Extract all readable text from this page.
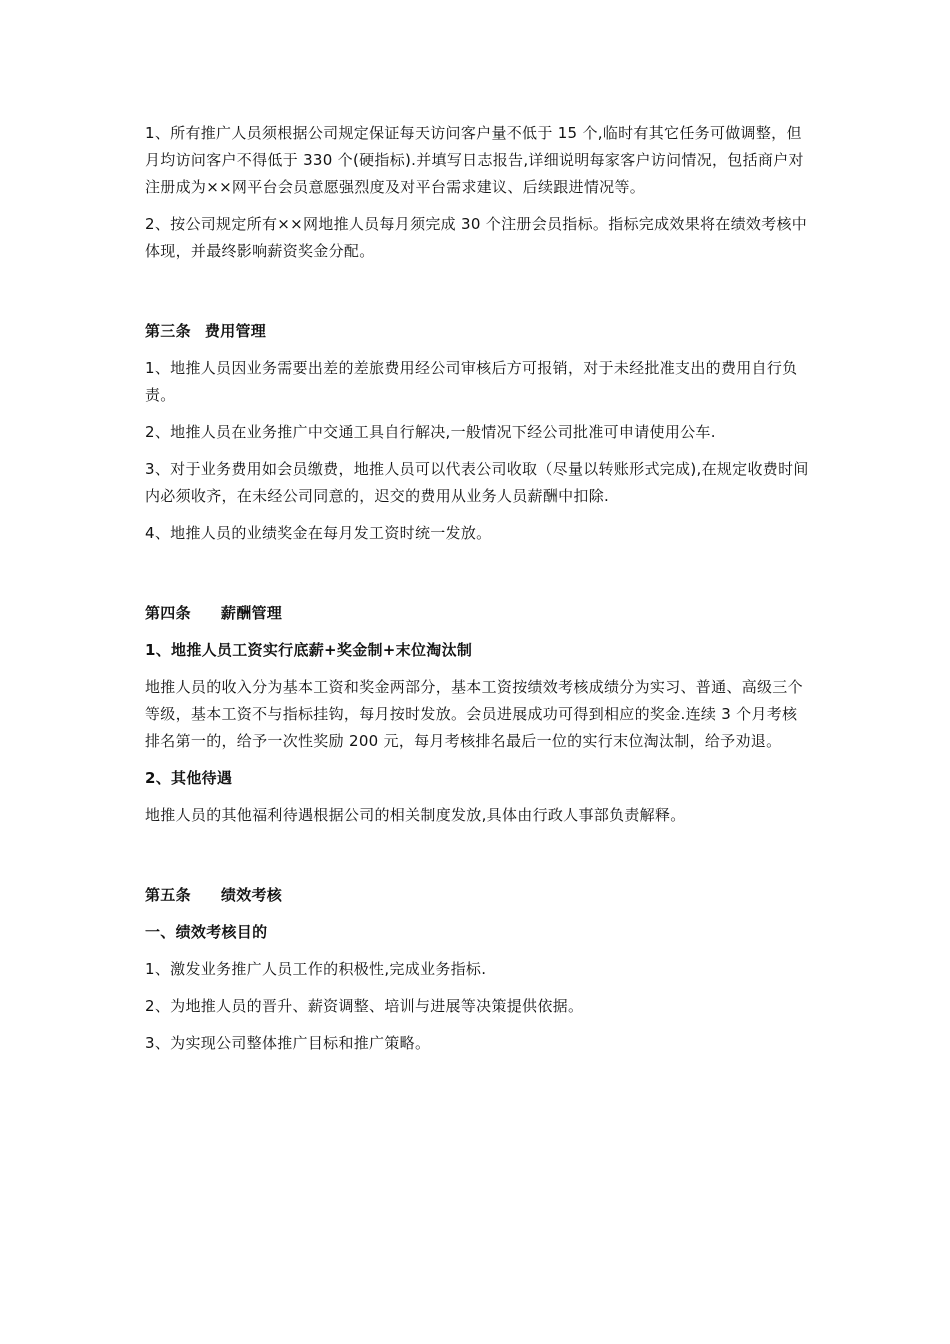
1、所有推广人员须根据公司规定保证每天访问客户量不低于 15 个,临时有其它任务可做调整，但月均访问客户不得低于 330 个(硬指标).并填写日志报告,详细说明每家客户访问情况，包括商户对注册成为××网平台会员意愿强烈度及对平台需求建议、后续跟进情况等。

2、按公司规定所有××网地推人员每月须完成 30 个注册会员指标。指标完成效果将在绩效考核中体现，并最终影响薪资奖金分配。

第三条 费用管理

1、地推人员因业务需要出差的差旅费用经公司审核后方可报销，对于未经批准支出的费用自行负责。

2、地推人员在业务推广中交通工具自行解决,一般情况下经公司批准可申请使用公车.

3、对于业务费用如会员缴费，地推人员可以代表公司收取（尽量以转账形式完成),在规定收费时间内必须收齐，在未经公司同意的，迟交的费用从业务人员薪酬中扣除.

4、地推人员的业绩奖金在每月发工资时统一发放。

第四条 薪酬管理

1、地推人员工资实行底薪+奖金制+末位淘汰制

地推人员的收入分为基本工资和奖金两部分，基本工资按绩效考核成绩分为实习、普通、高级三个等级，基本工资不与指标挂钩，每月按时发放。会员进展成功可得到相应的奖金.连续 3 个月考核排名第一的，给予一次性奖励 200 元，每月考核排名最后一位的实行末位淘汰制，给予劝退。

2、其他待遇

地推人员的其他福利待遇根据公司的相关制度发放,具体由行政人事部负责解释。

第五条 绩效考核

一、绩效考核目的

1、激发业务推广人员工作的积极性,完成业务指标.

2、为地推人员的晋升、薪资调整、培训与进展等决策提供依据。

3、为实现公司整体推广目标和推广策略。
